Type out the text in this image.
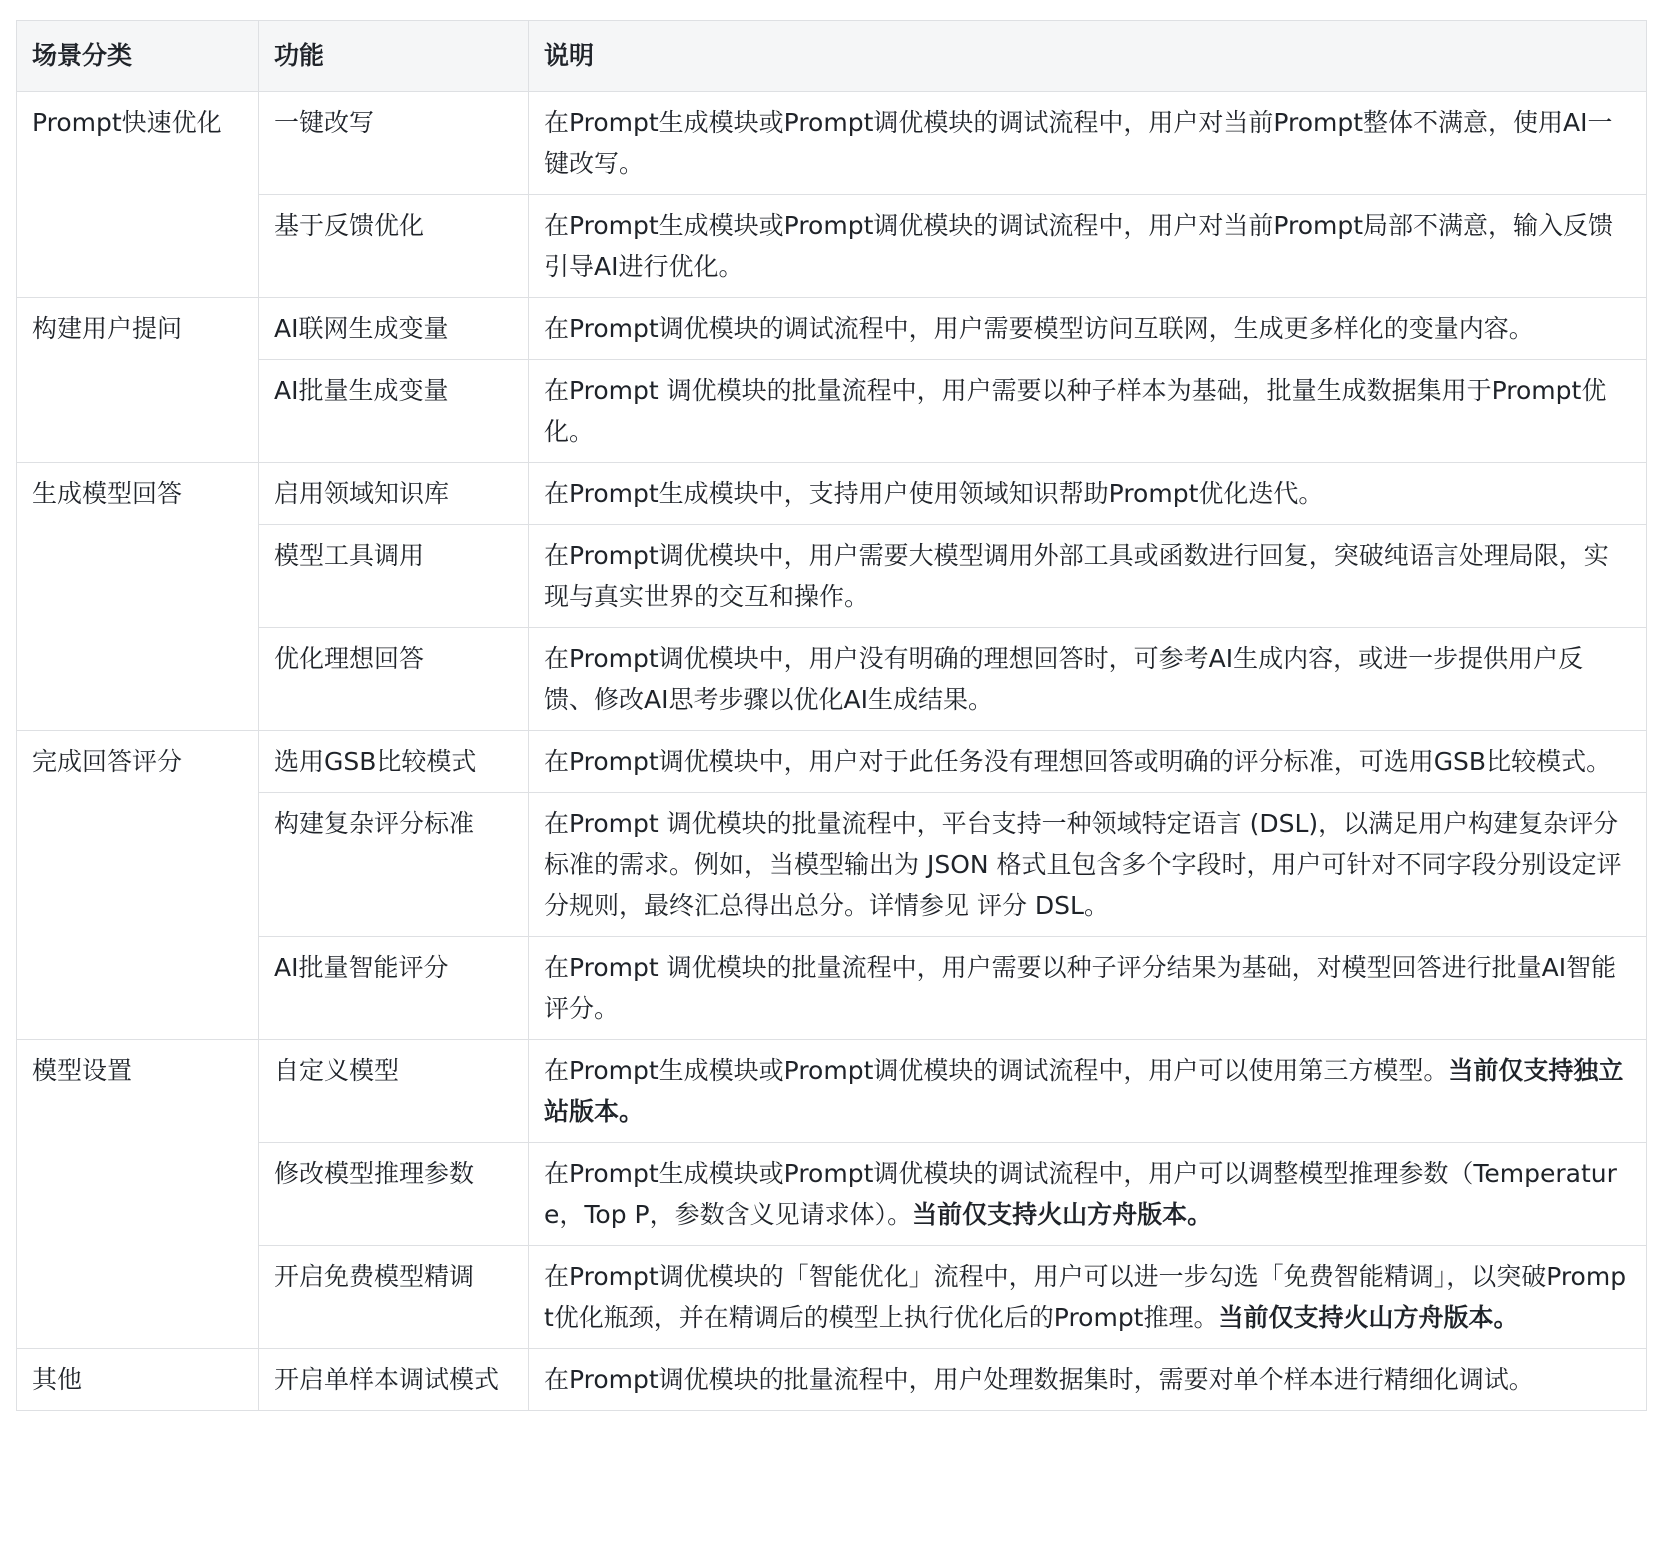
场景分类	功能	说明
Prompt快速优化	一键改写	在Prompt生成模块或Prompt调优模块的调试流程中，用户对当前Prompt整体不满意，使用AI一键改写。
	基于反馈优化	在Prompt生成模块或Prompt调优模块的调试流程中，用户对当前Prompt局部不满意，输入反馈引导AI进行优化。
构建用户提问	AI联网生成变量	在Prompt调优模块的调试流程中，用户需要模型访问互联网，生成更多样化的变量内容。
	AI批量生成变量	在Prompt 调优模块的批量流程中，用户需要以种子样本为基础，批量生成数据集用于Prompt优化。
生成模型回答	启用领域知识库	在Prompt生成模块中，支持用户使用领域知识帮助Prompt优化迭代。
	模型工具调用	在Prompt调优模块中，用户需要大模型调用外部工具或函数进行回复，突破纯语言处理局限，实现与真实世界的交互和操作。
	优化理想回答	在Prompt调优模块中，用户没有明确的理想回答时，可参考AI生成内容，或进一步提供用户反馈、修改AI思考步骤以优化AI生成结果。
完成回答评分	选用GSB比较模式	在Prompt调优模块中，用户对于此任务没有理想回答或明确的评分标准，可选用GSB比较模式。
	构建复杂评分标准	在Prompt 调优模块的批量流程中，平台支持一种领域特定语言 (DSL)，以满足用户构建复杂评分标准的需求。例如，当模型输出为 JSON 格式且包含多个字段时，用户可针对不同字段分别设定评分规则，最终汇总得出总分。详情参见 评分 DSL。
	AI批量智能评分	在Prompt 调优模块的批量流程中，用户需要以种子评分结果为基础，对模型回答进行批量AI智能评分。
模型设置	自定义模型	在Prompt生成模块或Prompt调优模块的调试流程中，用户可以使用第三方模型。当前仅支持独立站版本。
	修改模型推理参数	在Prompt生成模块或Prompt调优模块的调试流程中，用户可以调整模型推理参数（Temperature，Top P，参数含义见请求体）。当前仅支持火山方舟版本。
	开启免费模型精调	在Prompt调优模块的「智能优化」流程中，用户可以进一步勾选「免费智能精调」，以突破Prompt优化瓶颈，并在精调后的模型上执行优化后的Prompt推理。当前仅支持火山方舟版本。
其他	开启单样本调试模式	在Prompt调优模块的批量流程中，用户处理数据集时，需要对单个样本进行精细化调试。
